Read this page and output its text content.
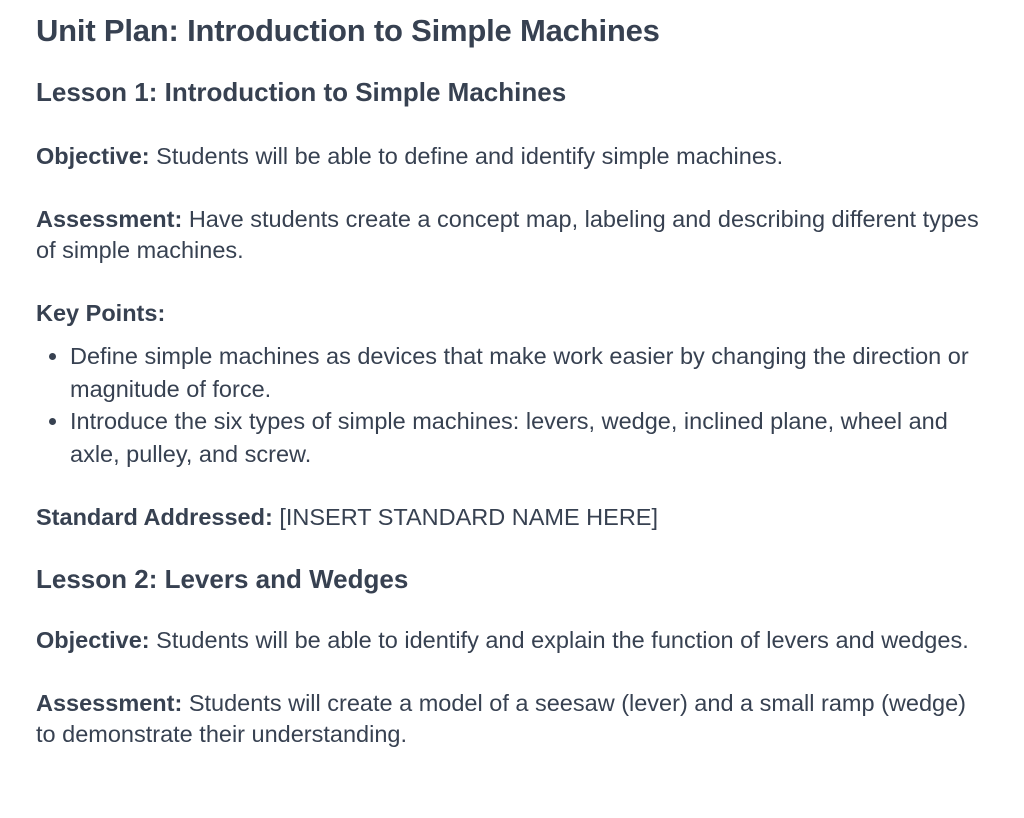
Unit Plan: Introduction to Simple Machines
Lesson 1: Introduction to Simple Machines

Objective: Students will be able to define and identify simple machines.

Assessment: Have students create a concept map, labeling and describing different types of simple machines.

Key Points:

Define simple machines as devices that make work easier by changing the direction or magnitude of force.
Introduce the six types of simple machines: levers, wedge, inclined plane, wheel and axle, pulley, and screw.

Standard Addressed: [INSERT STANDARD NAME HERE]

Lesson 2: Levers and Wedges

Objective: Students will be able to identify and explain the function of levers and wedges.

Assessment: Students will create a model of a seesaw (lever) and a small ramp (wedge) to demonstrate their understanding.
